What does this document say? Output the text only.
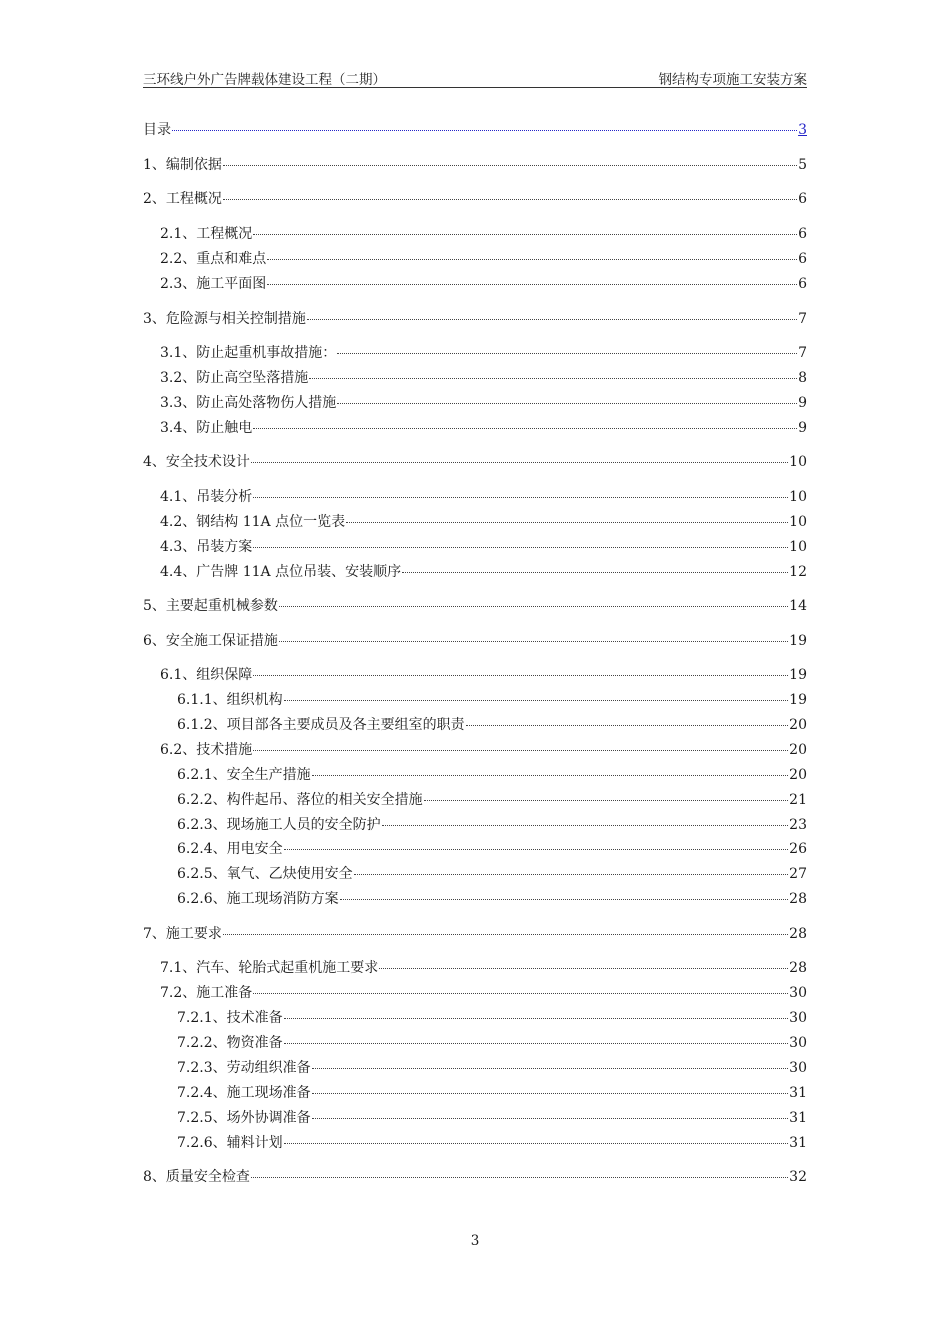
三环线户外广告牌载体建设工程（二期）	钢结构专项施工安装方案
目录	3
1、编制依据	5
2、工程概况	6
2.1、工程概况	6
2.2、重点和难点	6
2.3、施工平面图	6
3、危险源与相关控制措施	7
3.1、防止起重机事故措施：	7
3.2、防止高空坠落措施	8
3.3、防止高处落物伤人措施	9
3.4、防止触电	9
4、安全技术设计	10
4.1、吊装分析	10
4.2、钢结构 11A 点位一览表	10
4.3、吊装方案	10
4.4、广告牌 11A 点位吊装、安装顺序	12
5、主要起重机械参数	14
6、安全施工保证措施	19
6.1、组织保障	19
6.1.1、组织机构	19
6.1.2、项目部各主要成员及各主要组室的职责	20
6.2、技术措施	20
6.2.1、安全生产措施	20
6.2.2、构件起吊、落位的相关安全措施	21
6.2.3、现场施工人员的安全防护	23
6.2.4、用电安全	26
6.2.5、氧气、乙炔使用安全	27
6.2.6、施工现场消防方案	28
7、施工要求	28
7.1、汽车、轮胎式起重机施工要求	28
7.2、施工准备	30
7.2.1、技术准备	30
7.2.2、物资准备	30
7.2.3、劳动组织准备	30
7.2.4、施工现场准备	31
7.2.5、场外协调准备	31
7.2.6、辅料计划	31
8、质量安全检查	32
3
